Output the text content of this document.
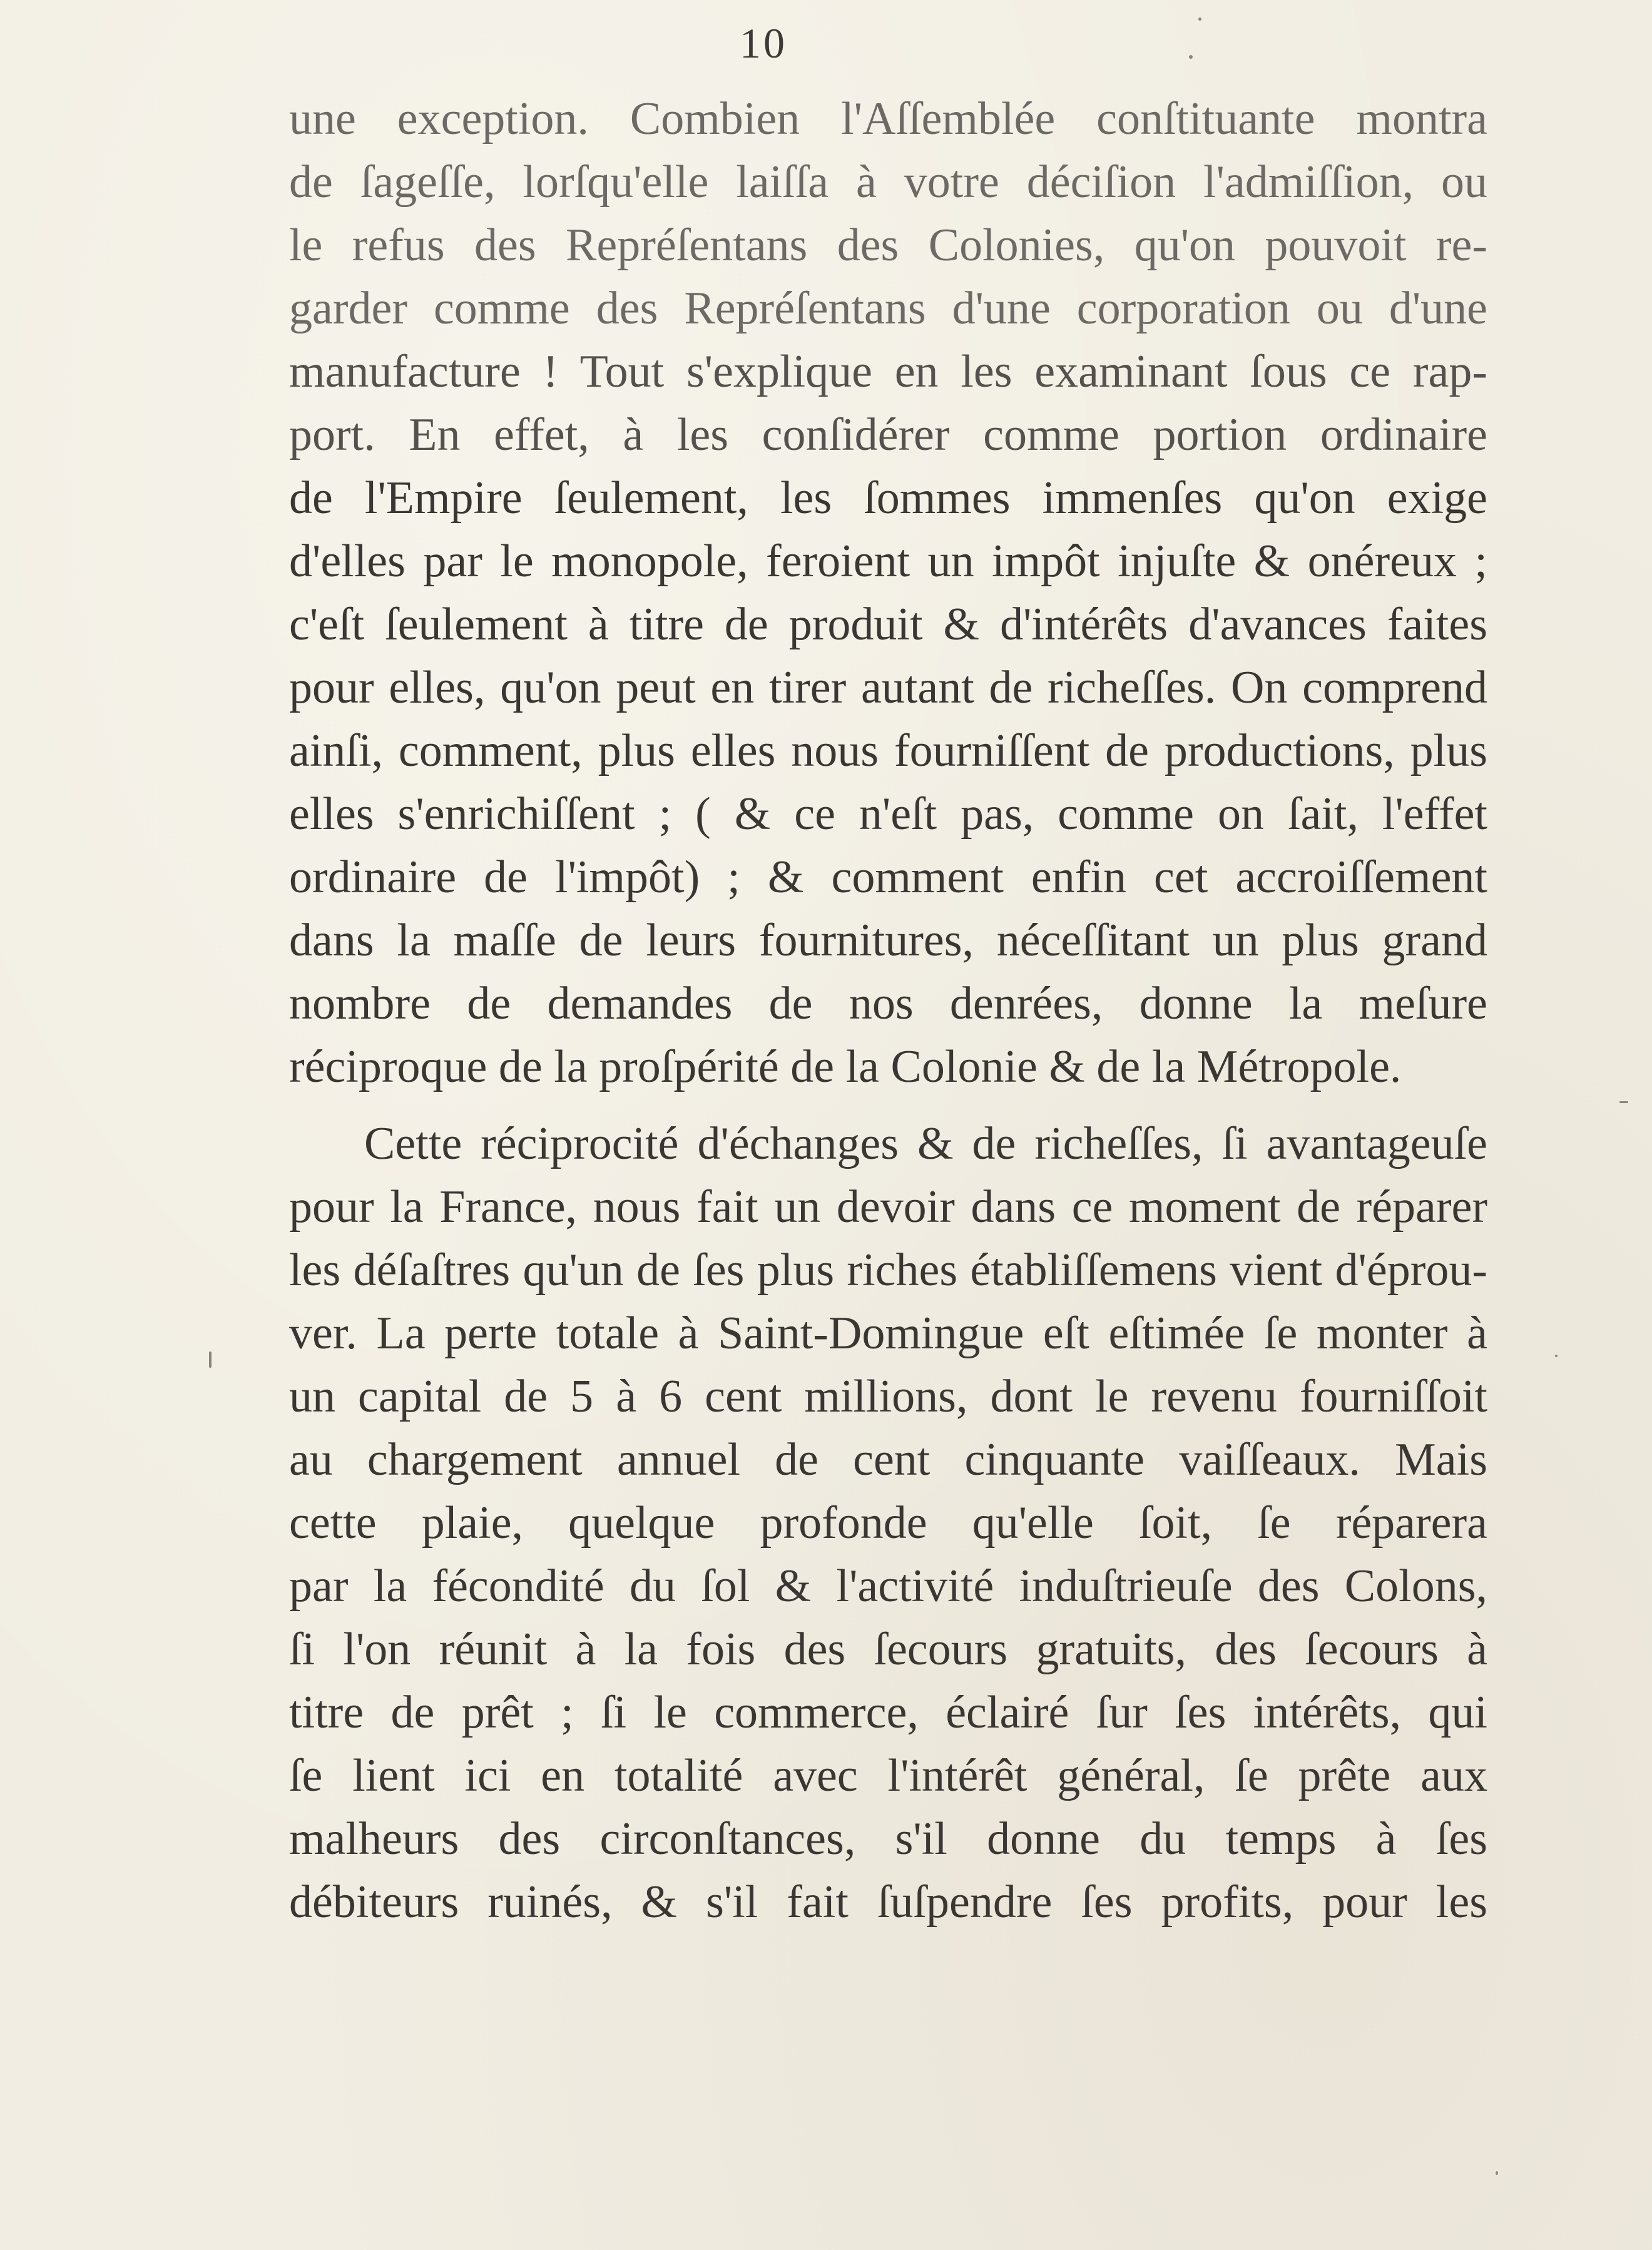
10
une exception. Combien l'Aſſemblée conſtituante montra
de ſageſſe, lorſqu'elle laiſſa à votre déciſion l'admiſſion, ou
le refus des Repréſentans des Colonies, qu'on pouvoit re-
garder comme des Repréſentans d'une corporation ou d'une
manufacture ! Tout s'explique en les examinant ſous ce rap-
port. En effet, à les conſidérer comme portion ordinaire
de l'Empire ſeulement, les ſommes immenſes qu'on exige
d'elles par le monopole, feroient un impôt injuſte & onéreux ;
c'eſt ſeulement à titre de produit & d'intérêts d'avances faites
pour elles, qu'on peut en tirer autant de richeſſes. On comprend
ainſi, comment, plus elles nous fourniſſent de productions, plus
elles s'enrichiſſent ; ( & ce n'eſt pas, comme on ſait, l'effet
ordinaire de l'impôt) ; & comment enfin cet accroiſſement
dans la maſſe de leurs fournitures, néceſſitant un plus grand
nombre de demandes de nos denrées, donne la meſure
réciproque de la proſpérité de la Colonie & de la Métropole.
Cette réciprocité d'échanges & de richeſſes, ſi avantageuſe
pour la France, nous fait un devoir dans ce moment de réparer
les déſaſtres qu'un de ſes plus riches établiſſemens vient d'éprou-
ver. La perte totale à Saint-Domingue eſt eſtimée ſe monter à
un capital de 5 à 6 cent millions, dont le revenu fourniſſoit
au chargement annuel de cent cinquante vaiſſeaux. Mais
cette plaie, quelque profonde qu'elle ſoit, ſe réparera
par la fécondité du ſol & l'activité induſtrieuſe des Colons,
ſi l'on réunit à la fois des ſecours gratuits, des ſecours à
titre de prêt ; ſi le commerce, éclairé ſur ſes intérêts, qui
ſe lient ici en totalité avec l'intérêt général, ſe prête aux
malheurs des circonſtances, s'il donne du temps à ſes
débiteurs ruinés, & s'il fait ſuſpendre ſes profits, pour les
